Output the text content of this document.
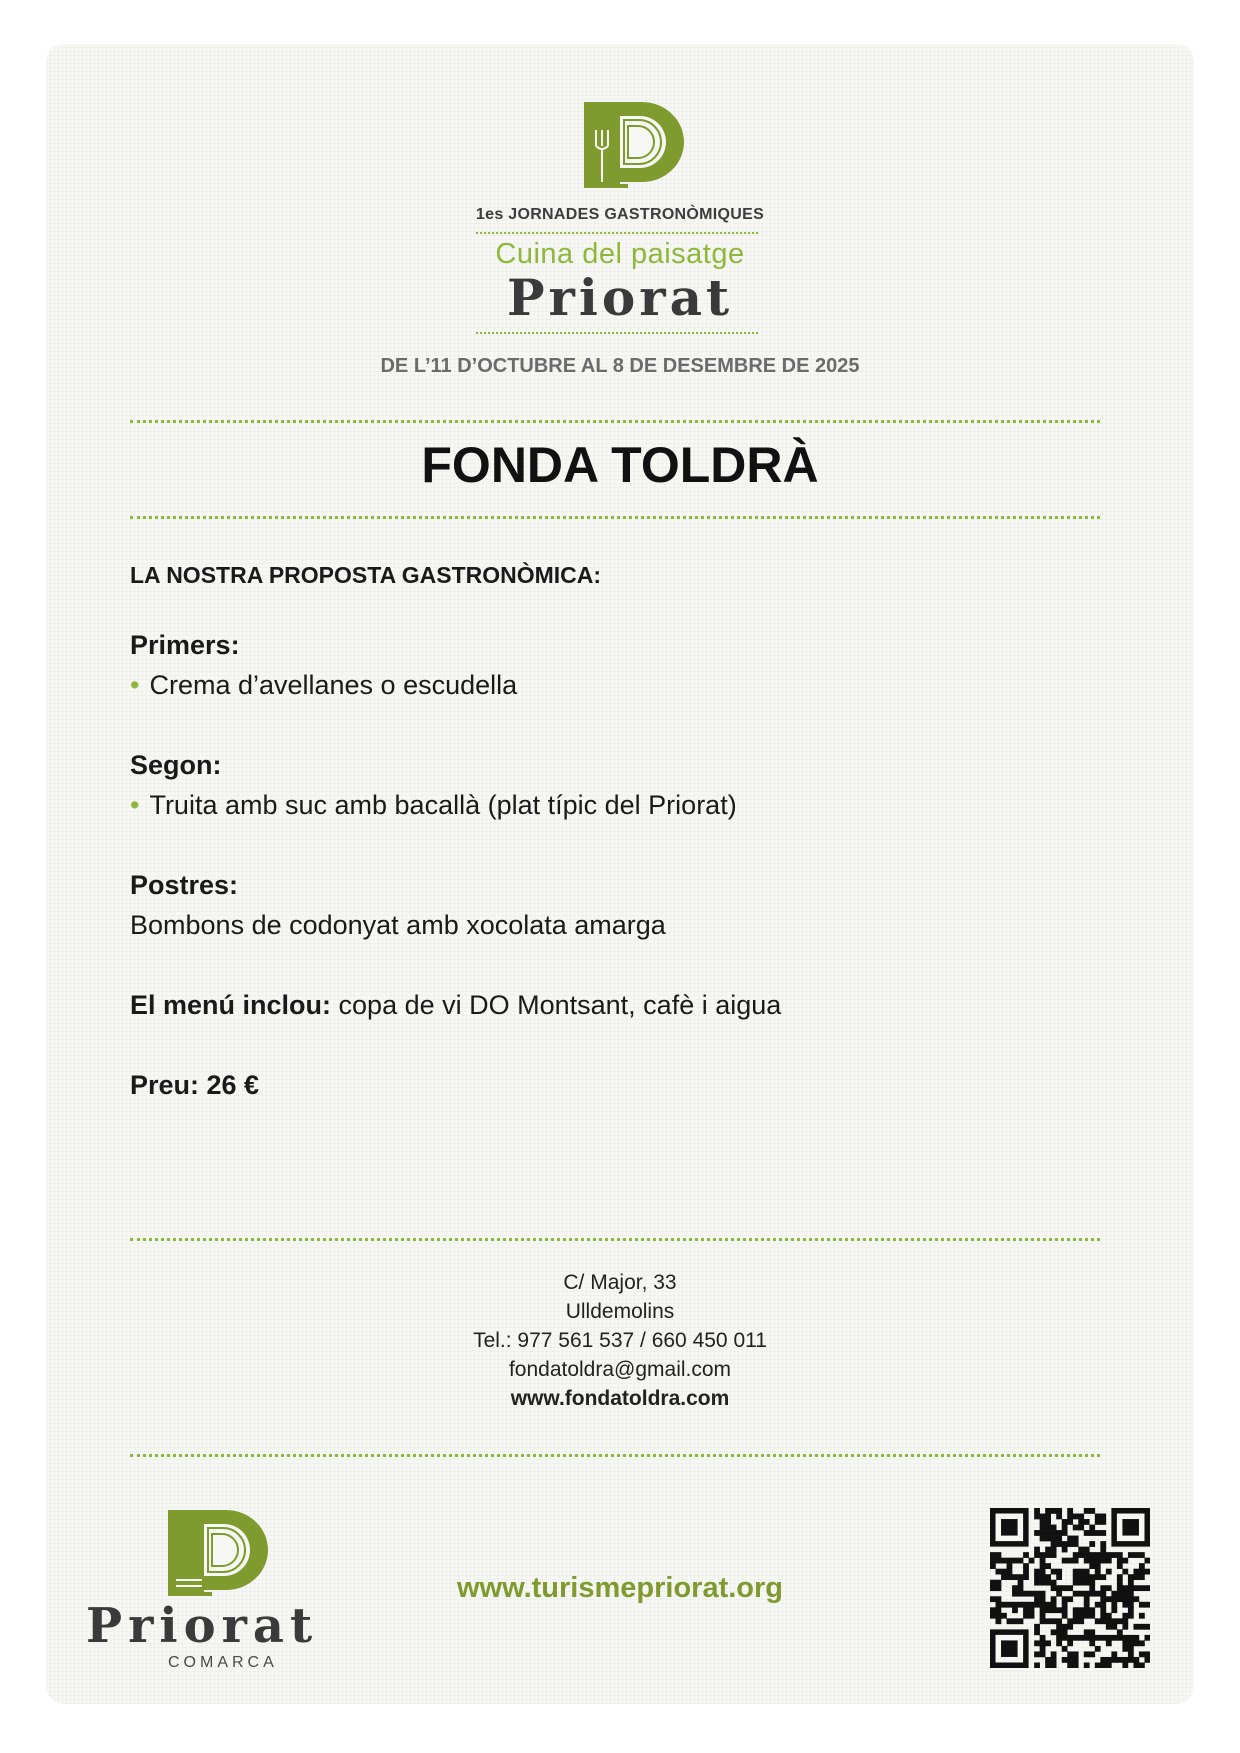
1es JORNADES GASTRONÒMIQUES
Cuina del paisatge
Priorat
DE L’11 D’OCTUBRE AL 8 DE DESEMBRE DE 2025
FONDA TOLDRÀ
LA NOSTRA PROPOSTA GASTRONÒMICA:
Primers:
• Crema d’avellanes o escudella
Segon:
• Truita amb suc amb bacallà (plat típic del Priorat)
Postres:
Bombons de codonyat amb xocolata amarga
El menú inclou: copa de vi DO Montsant, cafè i aigua
Preu: 26 €
C/ Major, 33
Ulldemolins
Tel.: 977 561 537 / 660 450 011
fondatoldra@gmail.com
www.fondatoldra.com
Priorat
COMARCA
www.turismepriorat.org
